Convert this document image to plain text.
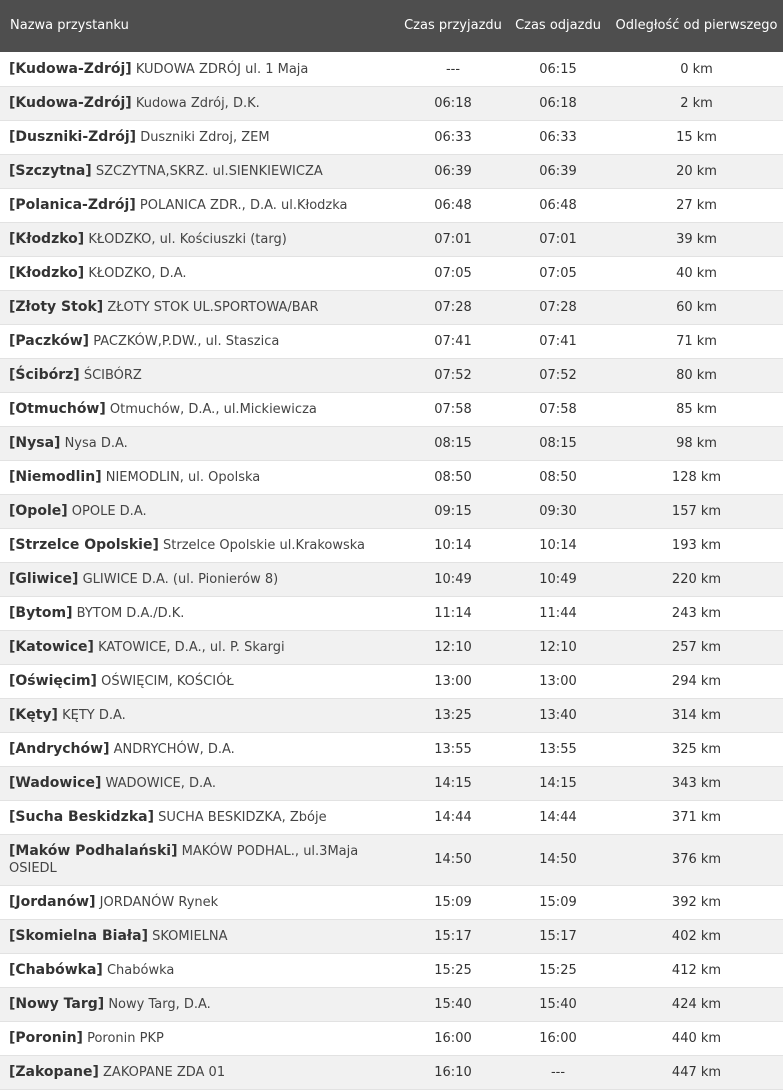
Nazwa przystanku	Czas przyjazdu	Czas odjazdu	Odległość od pierwszego
[Kudowa-Zdrój] KUDOWA ZDRÓJ ul. 1 Maja	---	06:15	0 km
[Kudowa-Zdrój] Kudowa Zdrój, D.K.	06:18	06:18	2 km
[Duszniki-Zdrój] Duszniki Zdroj, ZEM	06:33	06:33	15 km
[Szczytna] SZCZYTNA,SKRZ. ul.SIENKIEWICZA	06:39	06:39	20 km
[Polanica-Zdrój] POLANICA ZDR., D.A. ul.Kłodzka	06:48	06:48	27 km
[Kłodzko] KŁODZKO, ul. Kościuszki (targ)	07:01	07:01	39 km
[Kłodzko] KŁODZKO, D.A.	07:05	07:05	40 km
[Złoty Stok] ZŁOTY STOK UL.SPORTOWA/BAR	07:28	07:28	60 km
[Paczków] PACZKÓW,P.DW., ul. Staszica	07:41	07:41	71 km
[Ścibórz] ŚCIBÓRZ	07:52	07:52	80 km
[Otmuchów] Otmuchów, D.A., ul.Mickiewicza	07:58	07:58	85 km
[Nysa] Nysa D.A.	08:15	08:15	98 km
[Niemodlin] NIEMODLIN, ul. Opolska	08:50	08:50	128 km
[Opole] OPOLE D.A.	09:15	09:30	157 km
[Strzelce Opolskie] Strzelce Opolskie ul.Krakowska	10:14	10:14	193 km
[Gliwice] GLIWICE D.A. (ul. Pionierów 8)	10:49	10:49	220 km
[Bytom] BYTOM D.A./D.K.	11:14	11:44	243 km
[Katowice] KATOWICE, D.A., ul. P. Skargi	12:10	12:10	257 km
[Oświęcim] OŚWIĘCIM, KOŚCIÓŁ	13:00	13:00	294 km
[Kęty] KĘTY D.A.	13:25	13:40	314 km
[Andrychów] ANDRYCHÓW, D.A.	13:55	13:55	325 km
[Wadowice] WADOWICE, D.A.	14:15	14:15	343 km
[Sucha Beskidzka] SUCHA BESKIDZKA, Zbóje	14:44	14:44	371 km
[Maków Podhalański] MAKÓW PODHAL., ul.3Maja OSIEDL	14:50	14:50	376 km
[Jordanów] JORDANÓW Rynek	15:09	15:09	392 km
[Skomielna Biała] SKOMIELNA	15:17	15:17	402 km
[Chabówka] Chabówka	15:25	15:25	412 km
[Nowy Targ] Nowy Targ, D.A.	15:40	15:40	424 km
[Poronin] Poronin PKP	16:00	16:00	440 km
[Zakopane] ZAKOPANE ZDA 01	16:10	---	447 km
